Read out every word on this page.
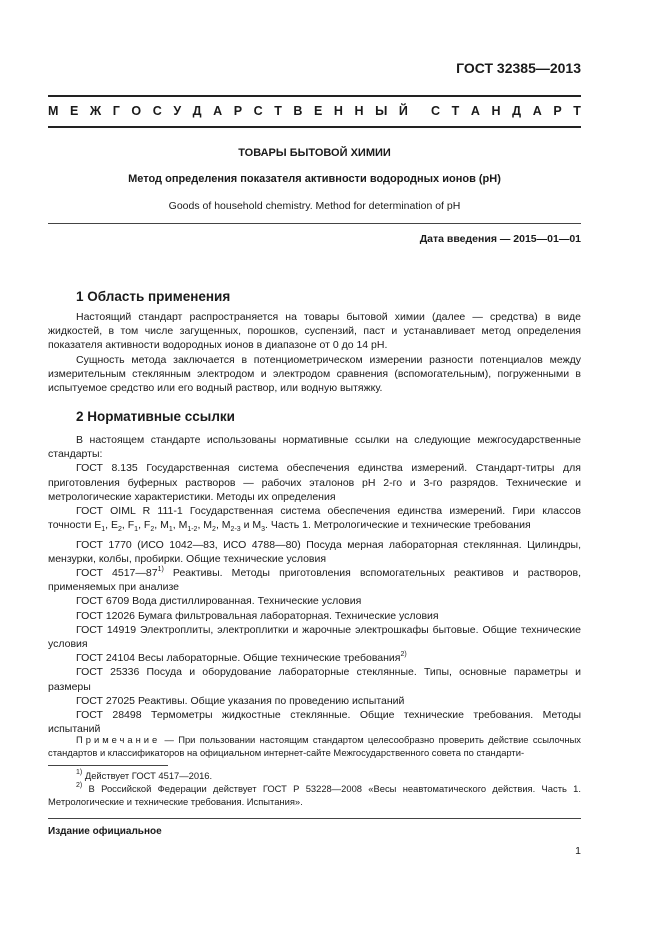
ГОСТ 32385—2013
М Е Ж Г О С У Д А Р С Т В Е Н Н Ы Й С Т А Н Д А Р Т
ТОВАРЫ БЫТОВОЙ ХИМИИ
Метод определения показателя активности водородных ионов (pH)
Goods of household chemistry. Method for determination of pH
Дата введения — 2015—01—01
1 Область применения

Настоящий стандарт распространяется на товары бытовой химии (далее — средства) в виде жидкостей, в том числе загущенных, порошков, суспензий, паст и устанавливает метод определения показателя активности водородных ионов в диапазоне от 0 до 14 pH.

Сущность метода заключается в потенциометрическом измерении разности потенциалов между измерительным стеклянным электродом и электродом сравнения (вспомогательным), погруженными в испытуемое средство или его водный раствор, или водную вытяжку.

2 Нормативные ссылки

В настоящем стандарте использованы нормативные ссылки на следующие межгосударственные стандарты:

ГОСТ 8.135 Государственная система обеспечения единства измерений. Стандарт-титры для приготовления буферных растворов — рабочих эталонов pH 2-го и 3-го разрядов. Технические и метрологические характеристики. Методы их определения

ГОСТ OIML R 111-1 Государственная система обеспечения единства измерений. Гири классов точности $E_1$, $E_2$, $F_1$, $F_2$, $M_1$, $M_{1-2}$, $M_2$, $M_{2-3}$ и $M_3$. Часть 1. Метрологические и технические требования

ГОСТ 1770 (ИСО 1042—83, ИСО 4788—80) Посуда мерная лабораторная стеклянная. Цилиндры, мензурки, колбы, пробирки. Общие технические условия

ГОСТ 4517—87$^{1)}$ Реактивы. Методы приготовления вспомогательных реактивов и растворов, применяемых при анализе

ГОСТ 6709 Вода дистиллированная. Технические условия

ГОСТ 12026 Бумага фильтровальная лабораторная. Технические условия

ГОСТ 14919 Электроплиты, электроплитки и жарочные электрошкафы бытовые. Общие технические условия

ГОСТ 24104 Весы лабораторные. Общие технические требования$^{2)}$

ГОСТ 25336 Посуда и оборудование лабораторные стеклянные. Типы, основные параметры и размеры

ГОСТ 27025 Реактивы. Общие указания по проведению испытаний

ГОСТ 28498 Термометры жидкостные стеклянные. Общие технические требования. Методы испытаний

Примечание — При пользовании настоящим стандартом целесообразно проверить действие ссылочных стандартов и классификаторов на официальном интернет-сайте Межгосударственного совета по стандарти-

$^{1)}$ Действует ГОСТ 4517—2016.

$^{2)}$ В Российской Федерации действует ГОСТ Р 53228—2008 «Весы неавтоматического действия. Часть 1. Метрологические и технические требования. Испытания».

Издание официальное
1
